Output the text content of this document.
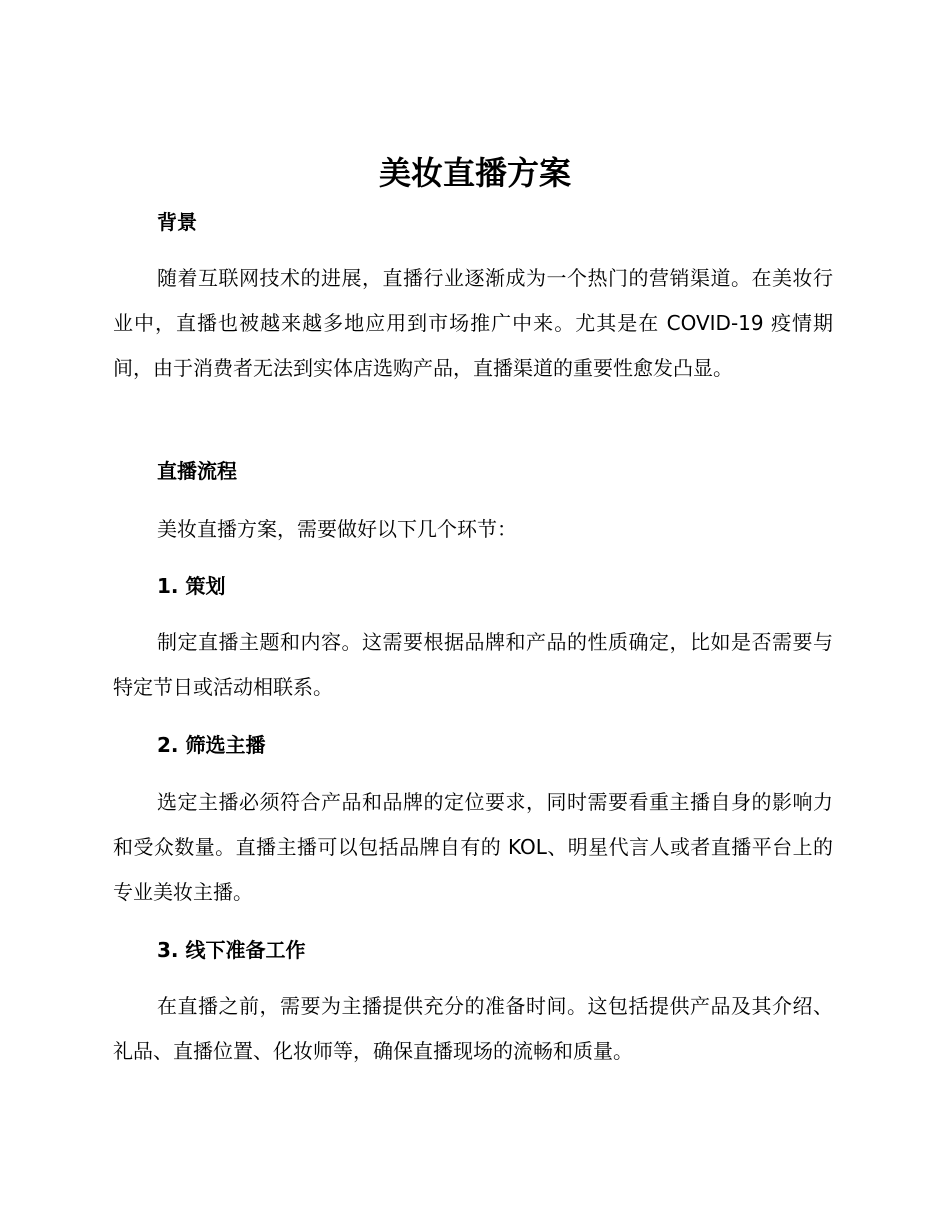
美妆直播方案
背景

随着互联网技术的进展，直播行业逐渐成为一个热门的营销渠道。在美妆行业中，直播也被越来越多地应用到市场推广中来。尤其是在 COVID-19 疫情期间，由于消费者无法到实体店选购产品，直播渠道的重要性愈发凸显。

直播流程

美妆直播方案，需要做好以下几个环节：

1. 策划

制定直播主题和内容。这需要根据品牌和产品的性质确定，比如是否需要与特定节日或活动相联系。

2. 筛选主播

选定主播必须符合产品和品牌的定位要求，同时需要看重主播自身的影响力和受众数量。直播主播可以包括品牌自有的 KOL、明星代言人或者直播平台上的专业美妆主播。

3. 线下准备工作

在直播之前，需要为主播提供充分的准备时间。这包括提供产品及其介绍、礼品、直播位置、化妆师等，确保直播现场的流畅和质量。
